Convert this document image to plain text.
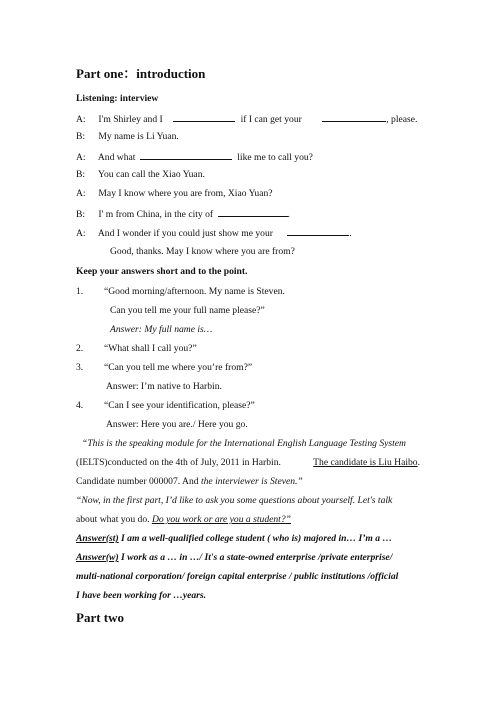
Part one：introduction
Listening: interview
A: I'm Shirley and I	if I can get your	, please.
B: My name is Li Yuan.
A: And what	like me to call you?
B: You can call the Xiao Yuan.
A: May I know where you are from, Xiao Yuan?
B: I' m from China, in the city of	.
A: And I wonder if you could just show me your	.
Good, thanks. May I know where you are from?
Keep your answers short and to the point.
1. “Good morning/afternoon. My name is Steven.
Can you tell me your full name please?”
Answer: My full name is…
2. “What shall I call you?”
3. “Can you tell me where you’re from?”
Answer: I’m native to Harbin.
4. “Can I see your identification, please?”
Answer: Here you are./ Here you go.
“This is the speaking module for the International English Language Testing System
(IELTS)conducted on the 4th of July, 2011 in Harbin.	The candidate is Liu Haibo.
Candidate number 000007. And the interviewer is Steven.”
“Now, in the first part, I’d like to ask you some questions about yourself. Let's talk
about what you do. Do you work or are you a student?”
Answer(st) I am a well-qualified college student ( who is) majored in… I’m a …
Answer(w) I work as a … in …/ It's a state-owned enterprise /private enterprise/
multi-national corporation/ foreign capital enterprise / public institutions /official
I have been working for …years.
Part two
